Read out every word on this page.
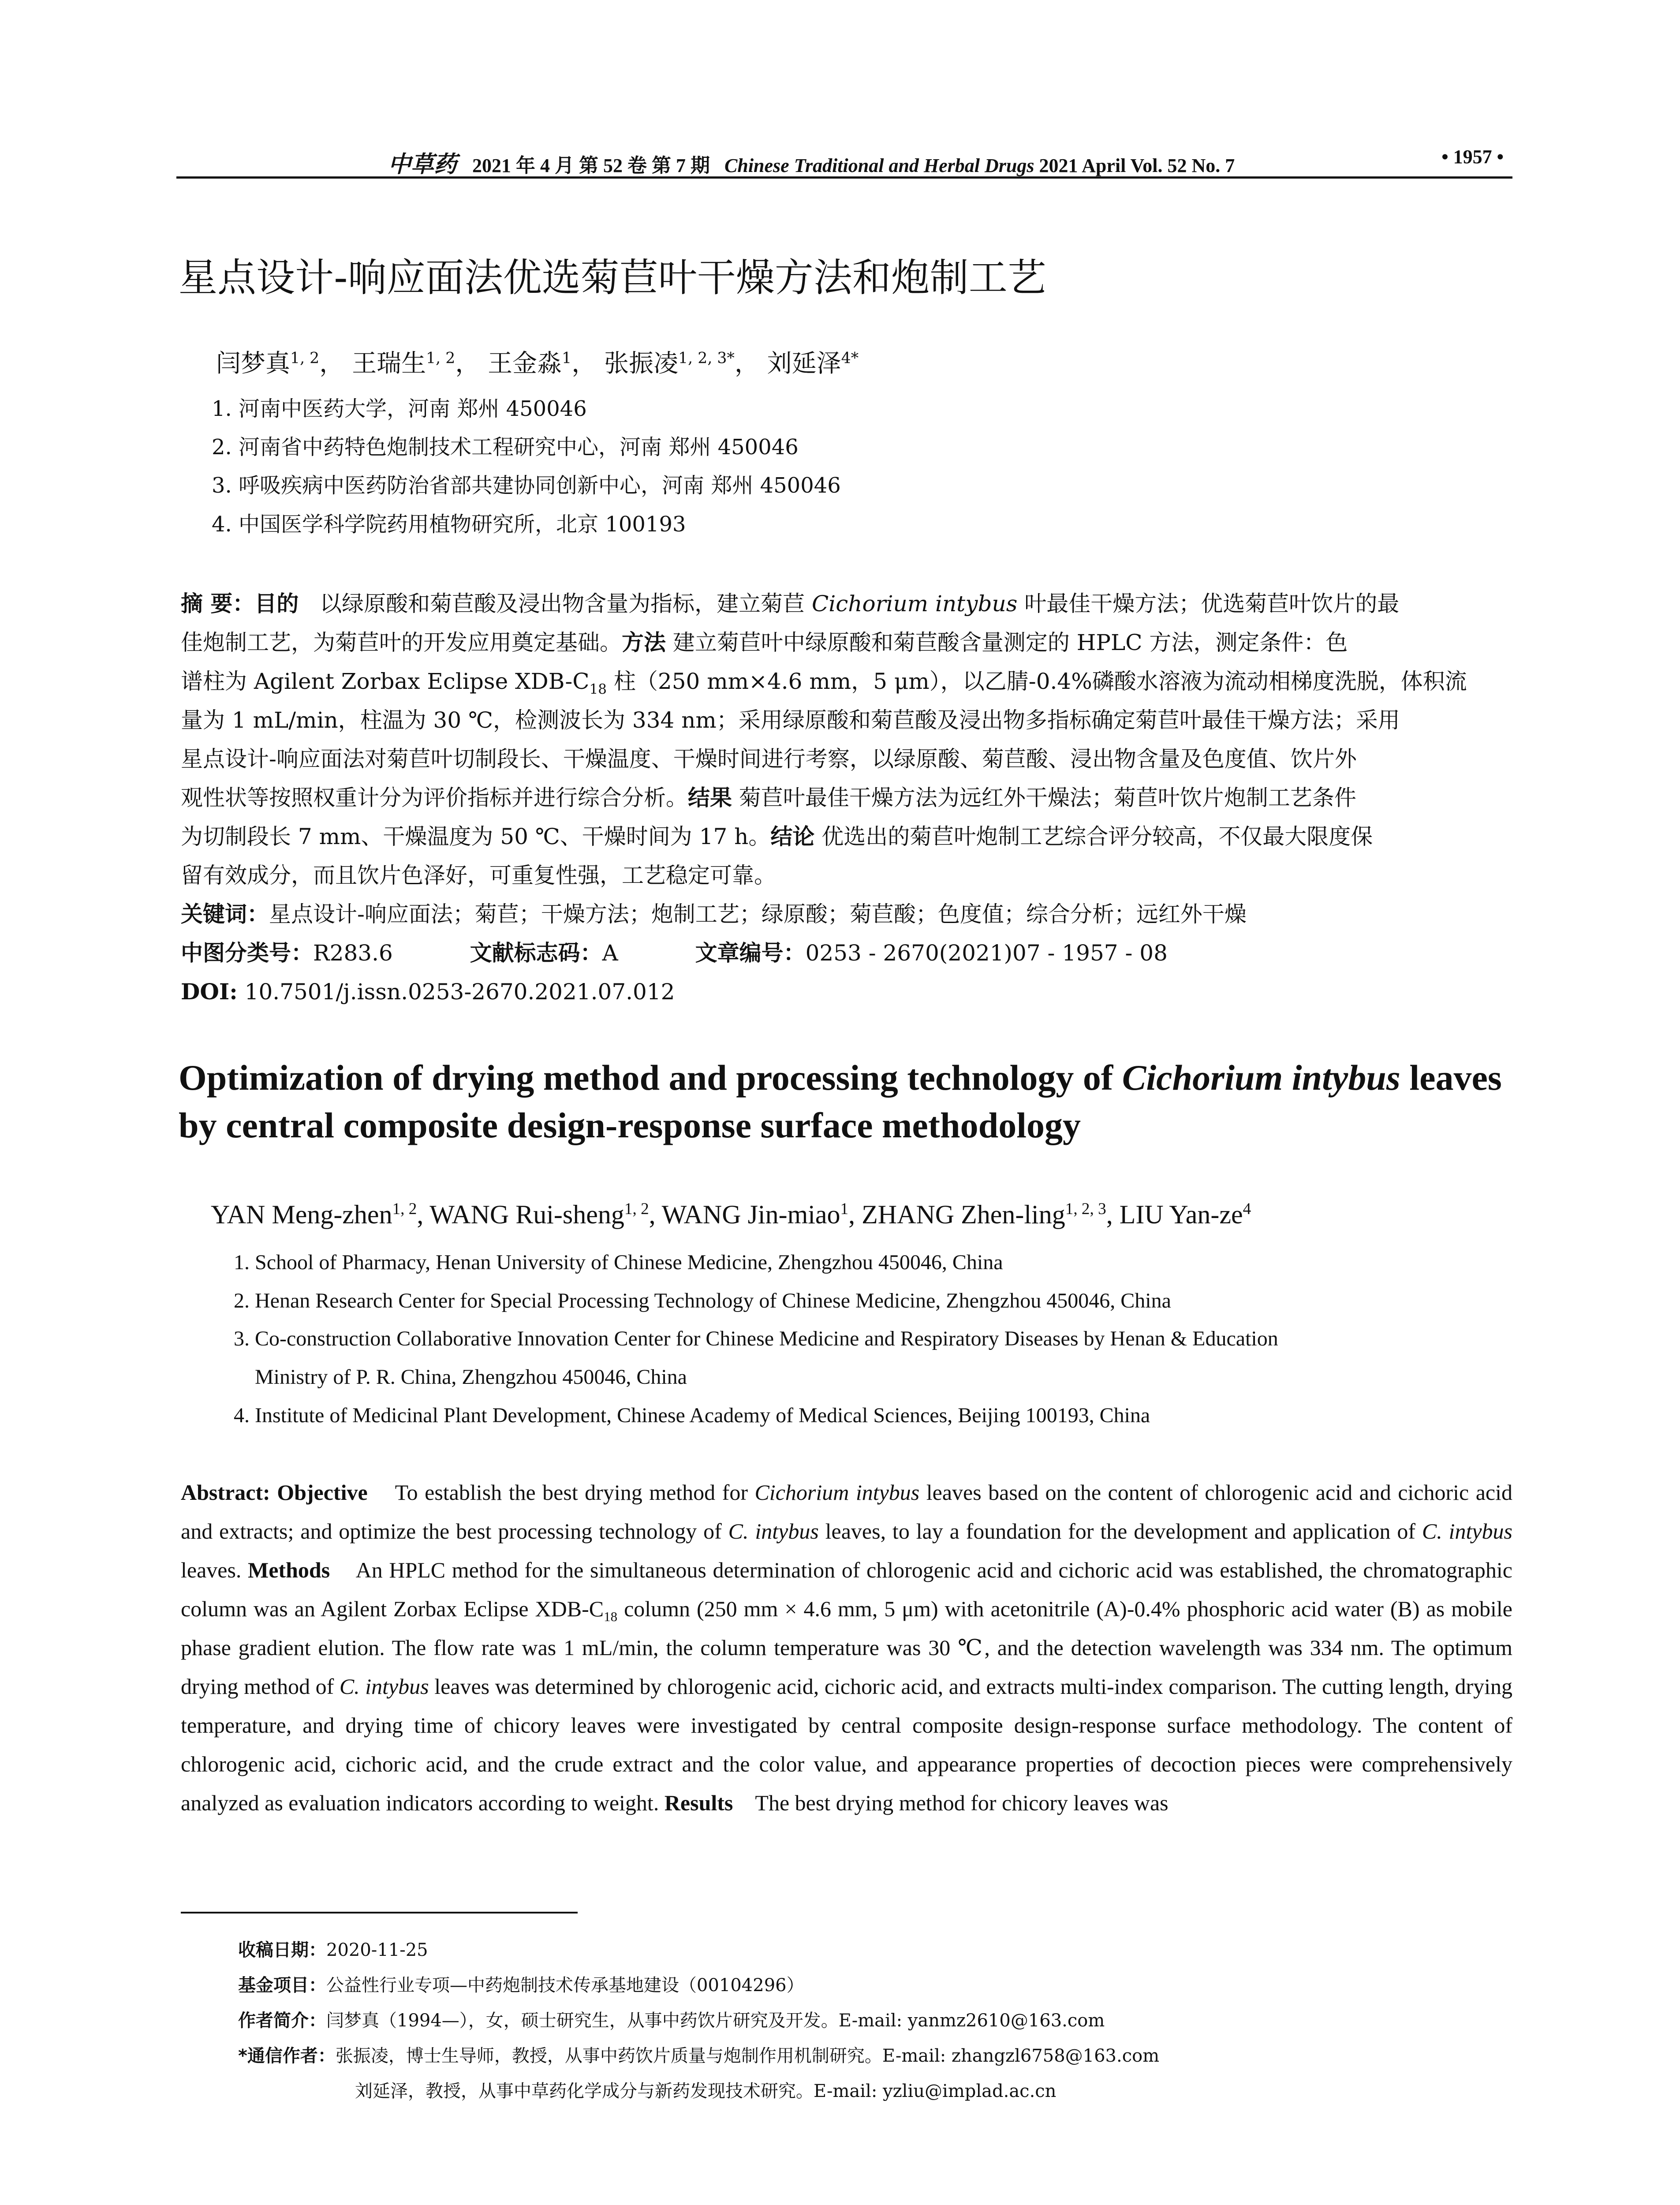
中草药 2021 年 4 月 第 52 卷 第 7 期 Chinese Traditional and Herbal Drugs 2021 April Vol. 52 No. 7	• 1957 •
星点设计-响应面法优选菊苣叶干燥方法和炮制工艺
闫梦真$^{1, 2}$， 王瑞生$^{1, 2}$， 王金淼$^1$， 张振凌$^{1, 2, 3*}$， 刘延泽$^{4*}$
1. 河南中医药大学，河南 郑州 450046
2. 河南省中药特色炮制技术工程研究中心，河南 郑州 450046
3. 呼吸疾病中医药防治省部共建协同创新中心，河南 郑州 450046
4. 中国医学科学院药用植物研究所，北京 100193
摘 要：目的 以绿原酸和菊苣酸及浸出物含量为指标，建立菊苣 Cichorium intybus 叶最佳干燥方法；优选菊苣叶饮片的最
佳炮制工艺，为菊苣叶的开发应用奠定基础。方法 建立菊苣叶中绿原酸和菊苣酸含量测定的 HPLC 方法，测定条件：色
谱柱为 Agilent Zorbax Eclipse XDB-$C_{18}$ 柱（250 mm×4.6 mm，5 μm），以乙腈-0.4%磷酸水溶液为流动相梯度洗脱，体积流
量为 1 mL/min，柱温为 30 ℃，检测波长为 334 nm；采用绿原酸和菊苣酸及浸出物多指标确定菊苣叶最佳干燥方法；采用
星点设计-响应面法对菊苣叶切制段长、干燥温度、干燥时间进行考察，以绿原酸、菊苣酸、浸出物含量及色度值、饮片外
观性状等按照权重计分为评价指标并进行综合分析。结果 菊苣叶最佳干燥方法为远红外干燥法；菊苣叶饮片炮制工艺条件
为切制段长 7 mm、干燥温度为 50 ℃、干燥时间为 17 h。结论 优选出的菊苣叶炮制工艺综合评分较高，不仅最大限度保
留有效成分，而且饮片色泽好，可重复性强，工艺稳定可靠。
关键词：星点设计-响应面法；菊苣；干燥方法；炮制工艺；绿原酸；菊苣酸；色度值；综合分析；远红外干燥
中图分类号：R283.6	文献标志码：A	文章编号：0253 - 2670(2021)07 - 1957 - 08
DOI: 10.7501/j.issn.0253-2670.2021.07.012
Optimization of drying method and processing technology of Cichorium intybus leaves by central composite design-response surface methodology
YAN Meng-zhen$^{1, 2}$, WANG Rui-sheng$^{1, 2}$, WANG Jin-miao$^1$, ZHANG Zhen-ling$^{1, 2, 3}$, LIU Yan-$ze^4$
1. School of Pharmacy, Henan University of Chinese Medicine, Zhengzhou 450046, China
2. Henan Research Center for Special Processing Technology of Chinese Medicine, Zhengzhou 450046, China
3. Co-construction Collaborative Innovation Center for Chinese Medicine and Respiratory Diseases by Henan & Education
Ministry of P. R. China, Zhengzhou 450046, China
4. Institute of Medicinal Plant Development, Chinese Academy of Medical Sciences, Beijing 100193, China
Abstract: Objective To establish the best drying method for Cichorium intybus leaves based on the content of chlorogenic acid and cichoric acid and extracts; and optimize the best processing technology of C. intybus leaves, to lay a foundation for the development and application of C. intybus leaves. Methods An HPLC method for the simultaneous determination of chlorogenic acid and cichoric acid was established, the chromatographic column was an Agilent Zorbax Eclipse XDB-$C_{18}$ column (250 mm × 4.6 mm, 5 μm) with acetonitrile (A)-0.4% phosphoric acid water (B) as mobile phase gradient elution. The flow rate was 1 mL/min, the column temperature was 30 ℃, and the detection wavelength was 334 nm. The optimum drying method of C. intybus leaves was determined by chlorogenic acid, cichoric acid, and extracts multi-index comparison. The cutting length, drying temperature, and drying time of chicory leaves were investigated by central composite design-response surface methodology. The content of chlorogenic acid, cichoric acid, and the crude extract and the color value, and appearance properties of decoction pieces were comprehensively analyzed as evaluation indicators according to weight. Results The best drying method for chicory leaves was
收稿日期：2020-11-25
基金项目：公益性行业专项—中药炮制技术传承基地建设（00104296）
作者简介：闫梦真（1994—），女，硕士研究生，从事中药饮片研究及开发。E-mail: yanmz2610@163.com
*通信作者：张振凌，博士生导师，教授，从事中药饮片质量与炮制作用机制研究。E-mail: zhangzl6758@163.com
刘延泽，教授，从事中草药化学成分与新药发现技术研究。E-mail: yzliu@implad.ac.cn
